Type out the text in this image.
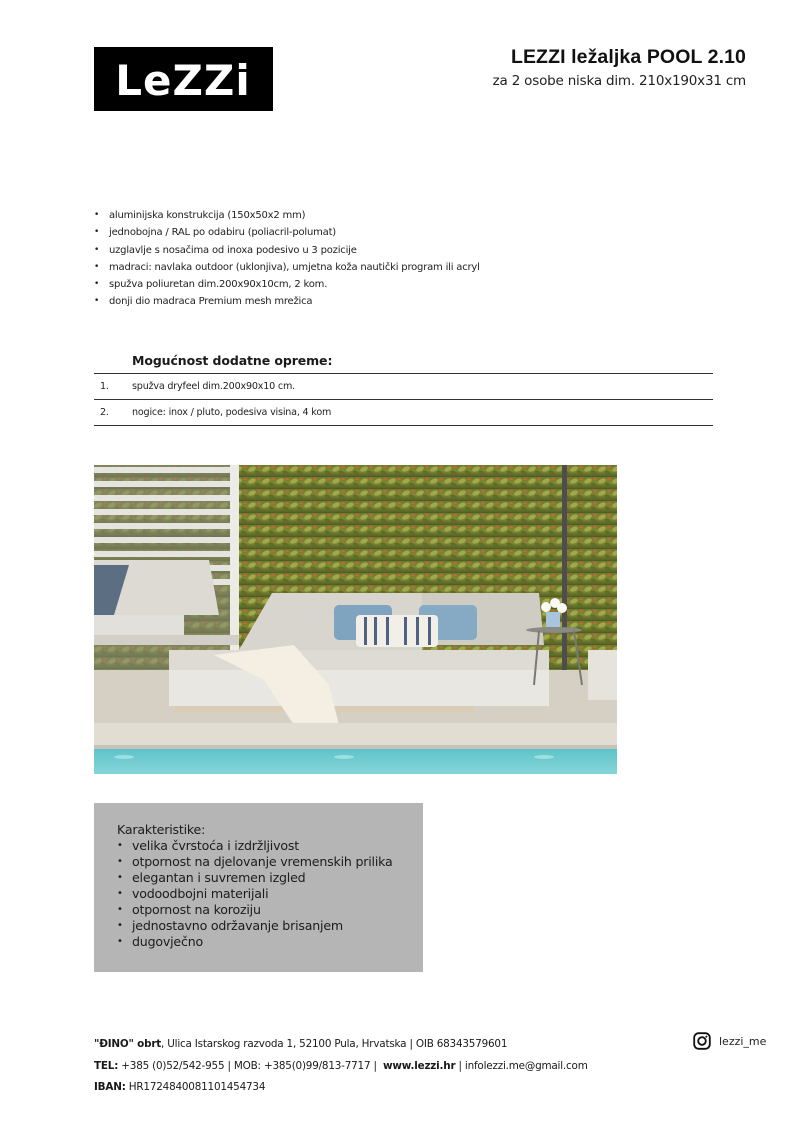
LeZZi	LEZZI ležaljka POOL 2.10
za 2 osobe niska dim. 210x190x31 cm
• aluminijska konstrukcija (150x50x2 mm)
• jednobojna / RAL po odabiru (poliacril-polumat)
• uzglavlje s nosačima od inoxa podesivo u 3 pozicije
• madraci: navlaka outdoor (uklonjiva), umjetna koža nautički program ili acryl
• spužva poliuretan dim.200x90x10cm, 2 kom.
• donji dio madraca Premium mesh mrežica
Mogućnost dodatne opreme:
1.	spužva dryfeel dim.200x90x10 cm.
2.	nogice: inox / pluto, podesiva visina, 4 kom
Karakteristike:
• velika čvrstoća i izdržljivost
• otpornost na djelovanje vremenskih prilika
• elegantan i suvremen izgled
• vodoodbojni materijali
• otpornost na koroziju
• jednostavno održavanje brisanjem
• dugovječno
"ĐINO" obrt, Ulica Istarskog razvoda 1, 52100 Pula, Hrvatska | OIB 68343579601
TEL: +385 (0)52/542-955 | MOB: +385(0)99/813-7717 |  www.lezzi.hr | infolezzi.me@gmail.com
IBAN: HR1724840081101454734
lezzi_me
